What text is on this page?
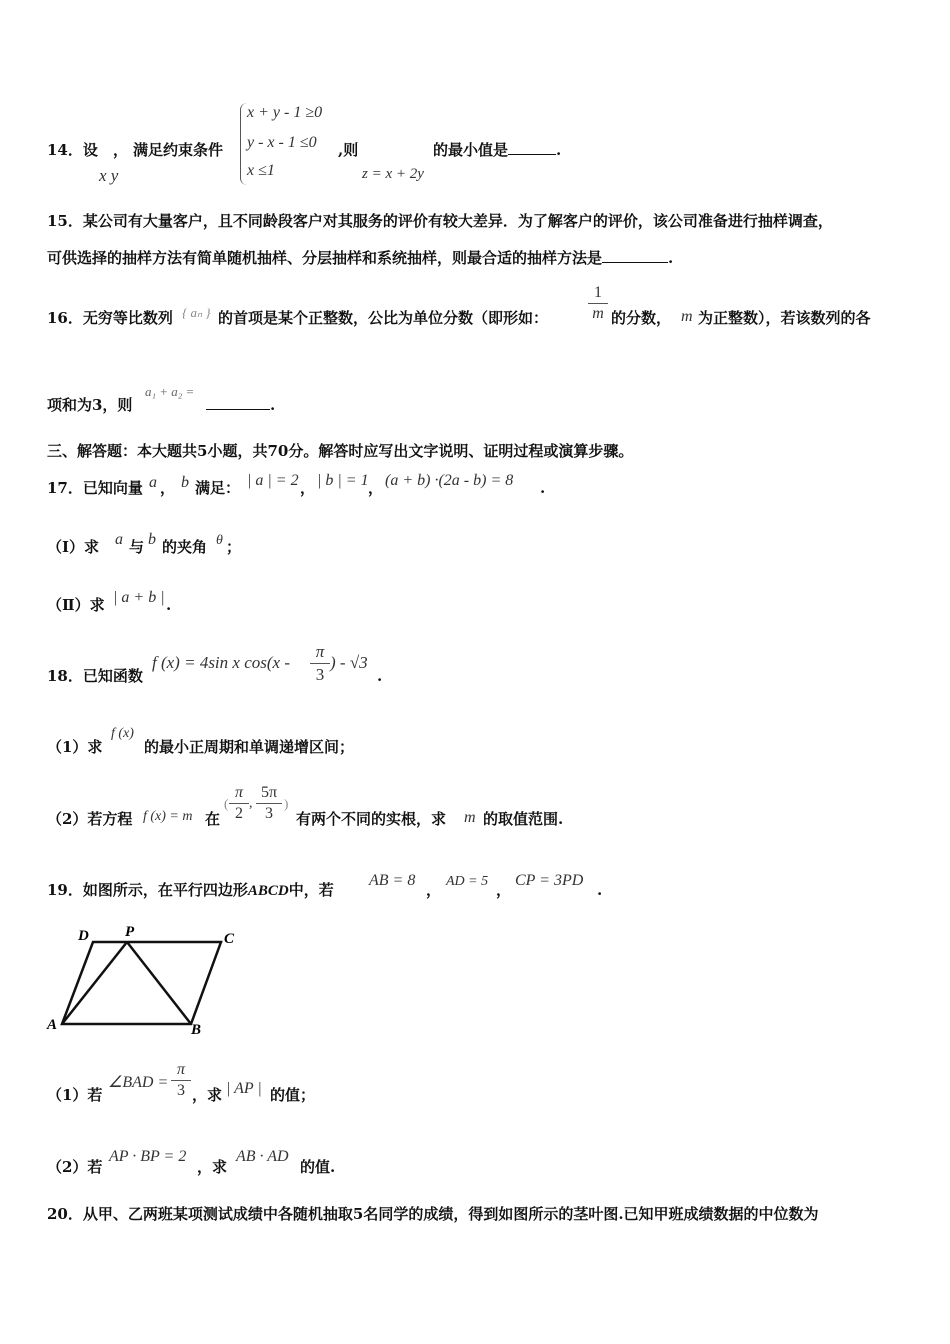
14．设 ， 满足约束条件
x y
x + y - 1 ≥0
y - x - 1 ≤0
x ≤1
,则
z = x + 2y
的最小值是	.
15．某公司有大量客户，且不同龄段客户对其服务的评价有较大差异．为了解客户的评价，该公司准备进行抽样调查，
可供选择的抽样方法有简单随机抽样、分层抽样和系统抽样，则最合适的抽样方法是	.
16．无穷等比数列 { aₙ } 的首项是某个正整数，公比为单位分数（即形如：
1
m 的分数， m 为正整数），若该数列的各
项和为3，则
a₁ + a₂ =
.
三、解答题：本大题共5小题，共70分。解答时应写出文字说明、证明过程或演算步骤。
17．已知向量 a ， b 满足： | a | = 2 ， | b | = 1 ， (a + b) ·(2a - b) = 8 .
（Ⅰ）求 a 与 b 的夹角 θ ；
（Ⅱ）求 | a + b | .
18．已知函数
f (x) = 4sin x cos(x -
π
3
) - √3
.
（1）求
f (x)
的最小正周期和单调递增区间；
（2）若方程 f (x) = m 在
(
π
2
,
5π
3
)
有两个不同的实根，求 m 的取值范围.
19．如图所示，在平行四边形ABCD中，若
AB = 8
， AD = 5 ，
CP = 3PD
.
D P	C
A	B
（1）若
∠BAD =
π
3 ，求 | AP | 的值；
（2）若
AP · BP = 2
，求
AB · AD
的值.
20．从甲、乙两班某项测试成绩中各随机抽取5名同学的成绩，得到如图所示的茎叶图.已知甲班成绩数据的中位数为
